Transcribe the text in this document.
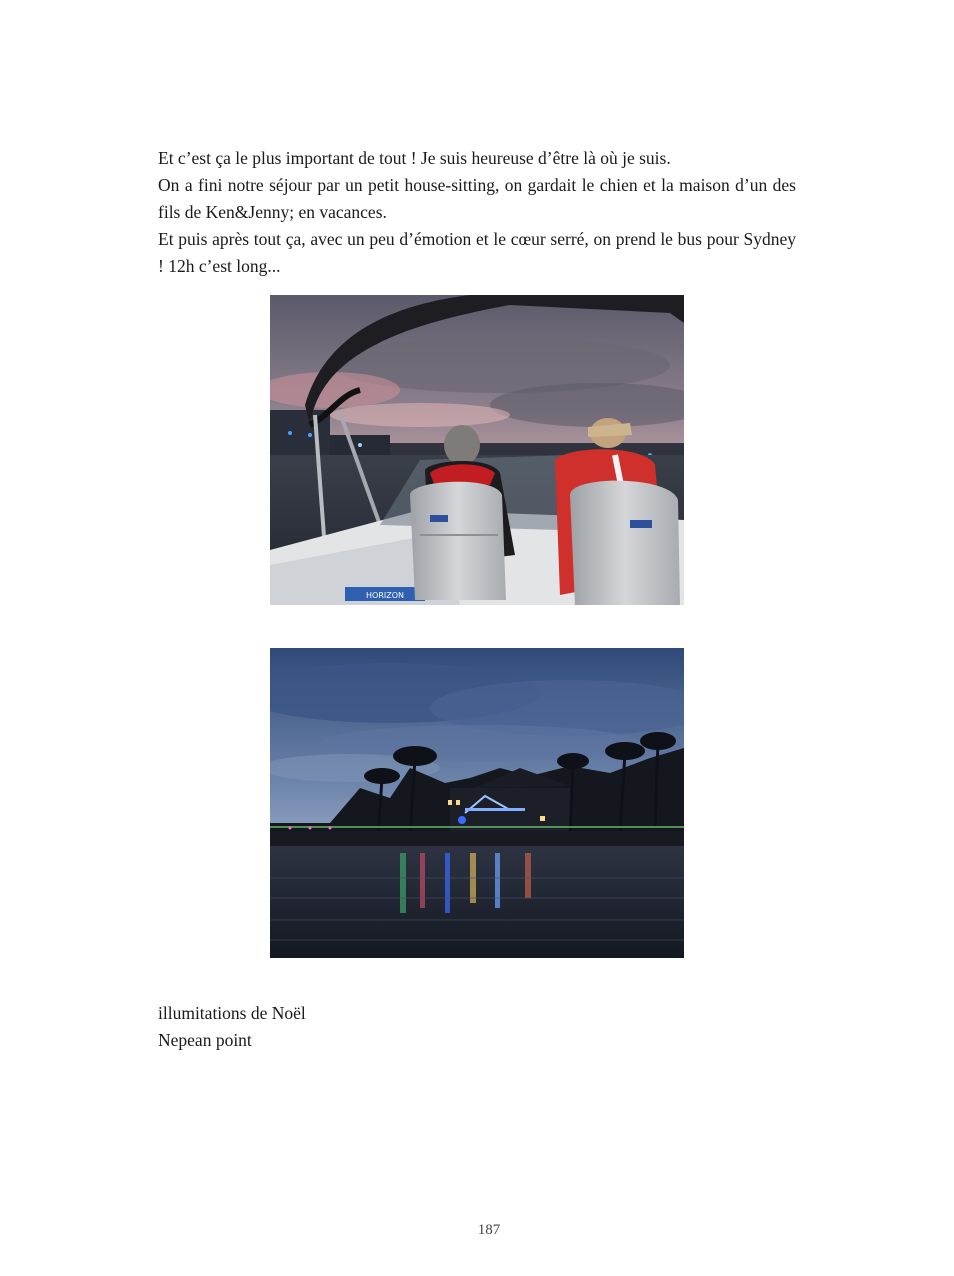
Et c’est ça le plus important de tout ! Je suis heureuse d’être là où je suis.

On a fini notre séjour par un petit house-sitting, on gardait le chien et la maison d’un des fils de Ken&Jenny; en vacances.

Et puis après tout ça, avec un peu d’émotion et le cœur serré, on prend le bus pour Sydney ! 12h c’est long...

HORIZON
illumitations de Noël
Nepean point
187
